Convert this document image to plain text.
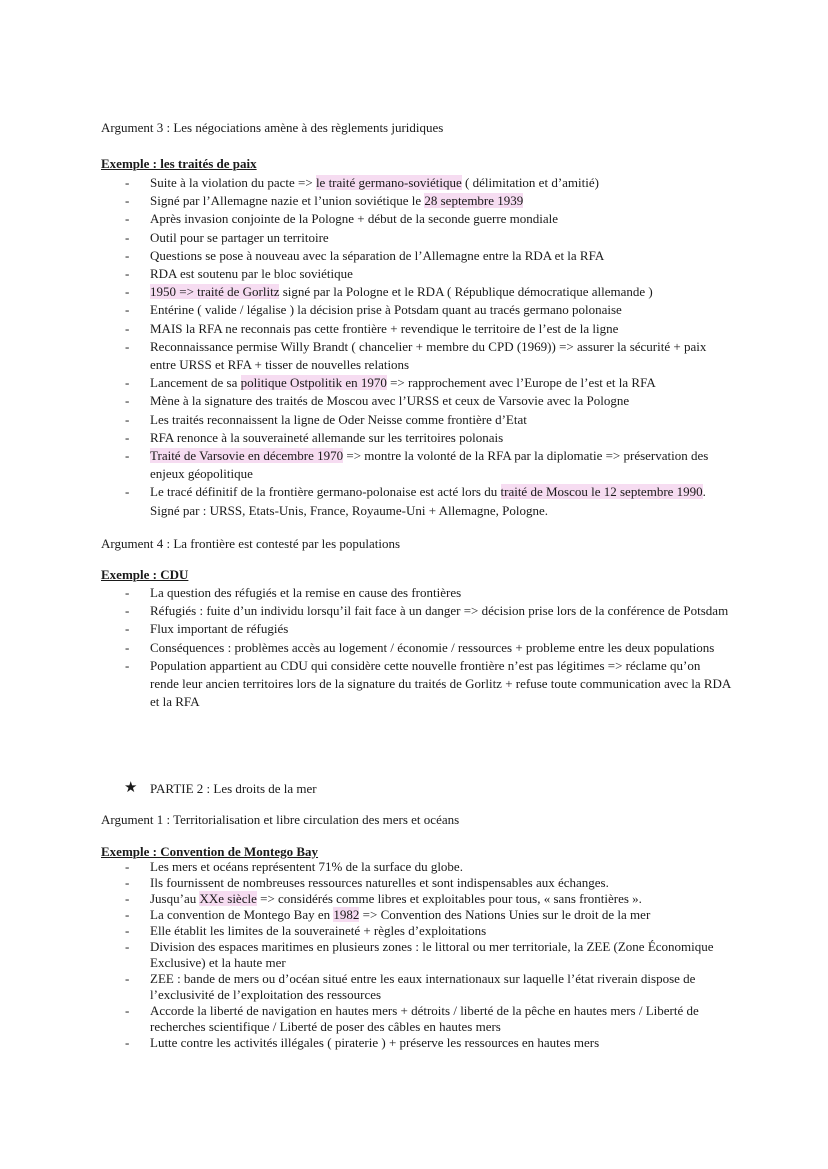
Argument 3 : Les négociations amène à des règlements juridiques
Exemple : les traités de paix
- Suite à la violation du pacte => le traité germano-soviétique ( délimitation et d’amitié)
- Signé par l’Allemagne nazie et l’union soviétique le 28 septembre 1939
- Après invasion conjointe de la Pologne + début de la seconde guerre mondiale
- Outil pour se partager un territoire
- Questions se pose à nouveau avec la séparation de l’Allemagne entre la RDA et la RFA
- RDA est soutenu par le bloc soviétique
- 1950 => traité de Gorlitz signé par la Pologne et le RDA ( République démocratique allemande )
- Entérine ( valide / légalise ) la décision prise à Potsdam quant au tracés germano polonaise
- MAIS la RFA ne reconnais pas cette frontière + revendique le territoire de l’est de la ligne
- Reconnaissance permise Willy Brandt ( chancelier + membre du CPD (1969)) => assurer la sécurité + paix entre URSS et RFA + tisser de nouvelles relations
- Lancement de sa politique Ostpolitik en 1970 => rapprochement avec l’Europe de l’est et la RFA
- Mène à la signature des traités de Moscou avec l’URSS et ceux de Varsovie avec la Pologne
- Les traités reconnaissent la ligne de Oder Neisse comme frontière d’Etat
- RFA renonce à la souveraineté allemande sur les territoires polonais
- Traité de Varsovie en décembre 1970 => montre la volonté de la RFA par la diplomatie => préservation des enjeux géopolitique
- Le tracé définitif de la frontière germano-polonaise est acté lors du traité de Moscou le 12 septembre 1990. Signé par : URSS, Etats-Unis, France, Royaume-Uni + Allemagne, Pologne.
Argument 4 : La frontière est contesté par les populations
Exemple : CDU
- La question des réfugiés et la remise en cause des frontières
- Réfugiés : fuite d’un individu lorsqu’il fait face à un danger => décision prise lors de la conférence de Potsdam
- Flux important de réfugiés
- Conséquences : problèmes accès au logement / économie / ressources + probleme entre les deux populations
- Population appartient au CDU qui considère cette nouvelle frontière n’est pas légitimes => réclame qu’on rende leur ancien territoires lors de la signature du traités de Gorlitz + refuse toute communication avec la RDA et la RFA
★ PARTIE 2 : Les droits de la mer
Argument 1 : Territorialisation et libre circulation des mers et océans
Exemple : Convention de Montego Bay
- Les mers et océans représentent 71% de la surface du globe.
- Ils fournissent de nombreuses ressources naturelles et sont indispensables aux échanges.
- Jusqu’au XXe siècle => considérés comme libres et exploitables pour tous, « sans frontières ».
- La convention de Montego Bay en 1982 => Convention des Nations Unies sur le droit de la mer
- Elle établit les limites de la souveraineté + règles d’exploitations
- Division des espaces maritimes en plusieurs zones : le littoral ou mer territoriale, la ZEE (Zone Économique Exclusive) et la haute mer
- ZEE : bande de mers ou d’océan situé entre les eaux internationaux sur laquelle l’état riverain dispose de l’exclusivité de l’exploitation des ressources
- Accorde la liberté de navigation en hautes mers + détroits / liberté de la pêche en hautes mers / Liberté de recherches scientifique / Liberté de poser des câbles en hautes mers
- Lutte contre les activités illégales ( piraterie ) + préserve les ressources en hautes mers
